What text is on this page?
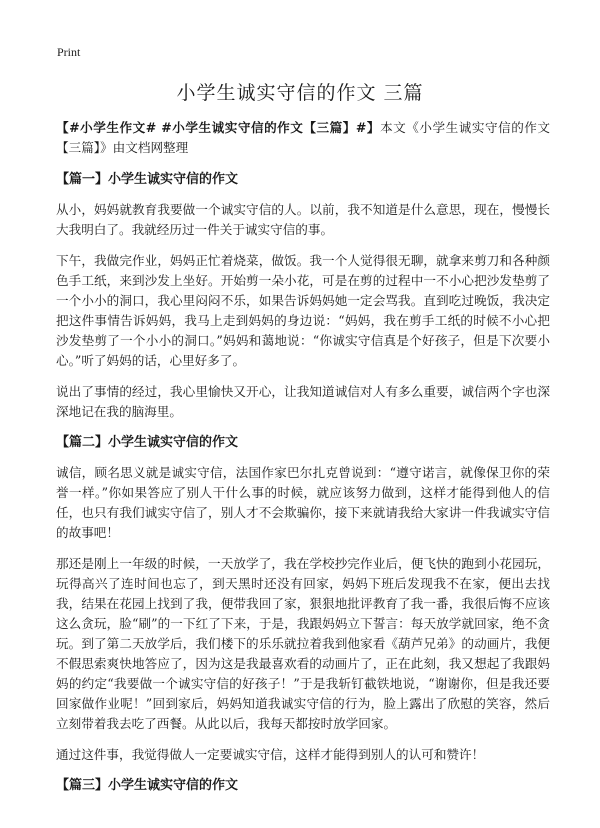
Print

小学生诚实守信的作文 三篇

【#小学生作文# #小学生诚实守信的作文【三篇】#】本文《小学生诚实守信的作文【三篇】》由文档网整理

【篇一】小学生诚实守信的作文

从小，妈妈就教育我要做一个诚实守信的人。以前，我不知道是什么意思，现在，慢慢长大我明白了。我就经历过一件关于诚实守信的事。

下午，我做完作业，妈妈正忙着烧菜，做饭。我一个人觉得很无聊，就拿来剪刀和各种颜色手工纸，来到沙发上坐好。开始剪一朵小花，可是在剪的过程中一不小心把沙发垫剪了一个小小的洞口，我心里闷闷不乐，如果告诉妈妈她一定会骂我。直到吃过晚饭，我决定把这件事情告诉妈妈，我马上走到妈妈的身边说：“妈妈，我在剪手工纸的时候不小心把沙发垫剪了一个小小的洞口。”妈妈和蔼地说：“你诚实守信真是个好孩子，但是下次要小心。”听了妈妈的话，心里好多了。

说出了事情的经过，我心里愉快又开心，让我知道诚信对人有多么重要，诚信两个字也深深地记在我的脑海里。

【篇二】小学生诚实守信的作文

诚信，顾名思义就是诚实守信，法国作家巴尔扎克曾说到：“遵守诺言，就像保卫你的荣誉一样。”你如果答应了别人干什么事的时候，就应该努力做到，这样才能得到他人的信任，也只有我们诚实守信了，别人才不会欺骗你，接下来就请我给大家讲一件我诚实守信的故事吧！

那还是刚上一年级的时候，一天放学了，我在学校抄完作业后，便飞快的跑到小花园玩，玩得高兴了连时间也忘了，到天黑时还没有回家，妈妈下班后发现我不在家，便出去找我，结果在花园上找到了我，便带我回了家，狠狠地批评教育了我一番，我很后悔不应该这么贪玩，脸“刷”的一下红了下来，于是，我跟妈妈立下誓言：每天放学就回家，绝不贪玩。到了第二天放学后，我们楼下的乐乐就拉着我到他家看《葫芦兄弟》的动画片，我便不假思索爽快地答应了，因为这是我最喜欢看的动画片了，正在此刻，我又想起了我跟妈妈的约定“我要做一个诚实守信的好孩子！”于是我斩钉截铁地说，“谢谢你，但是我还要回家做作业呢！”回到家后，妈妈知道我诚实守信的行为，脸上露出了欣慰的笑容，然后立刻带着我去吃了西餐。从此以后，我每天都按时放学回家。

通过这件事，我觉得做人一定要诚实守信，这样才能得到别人的认可和赞许！

【篇三】小学生诚实守信的作文
